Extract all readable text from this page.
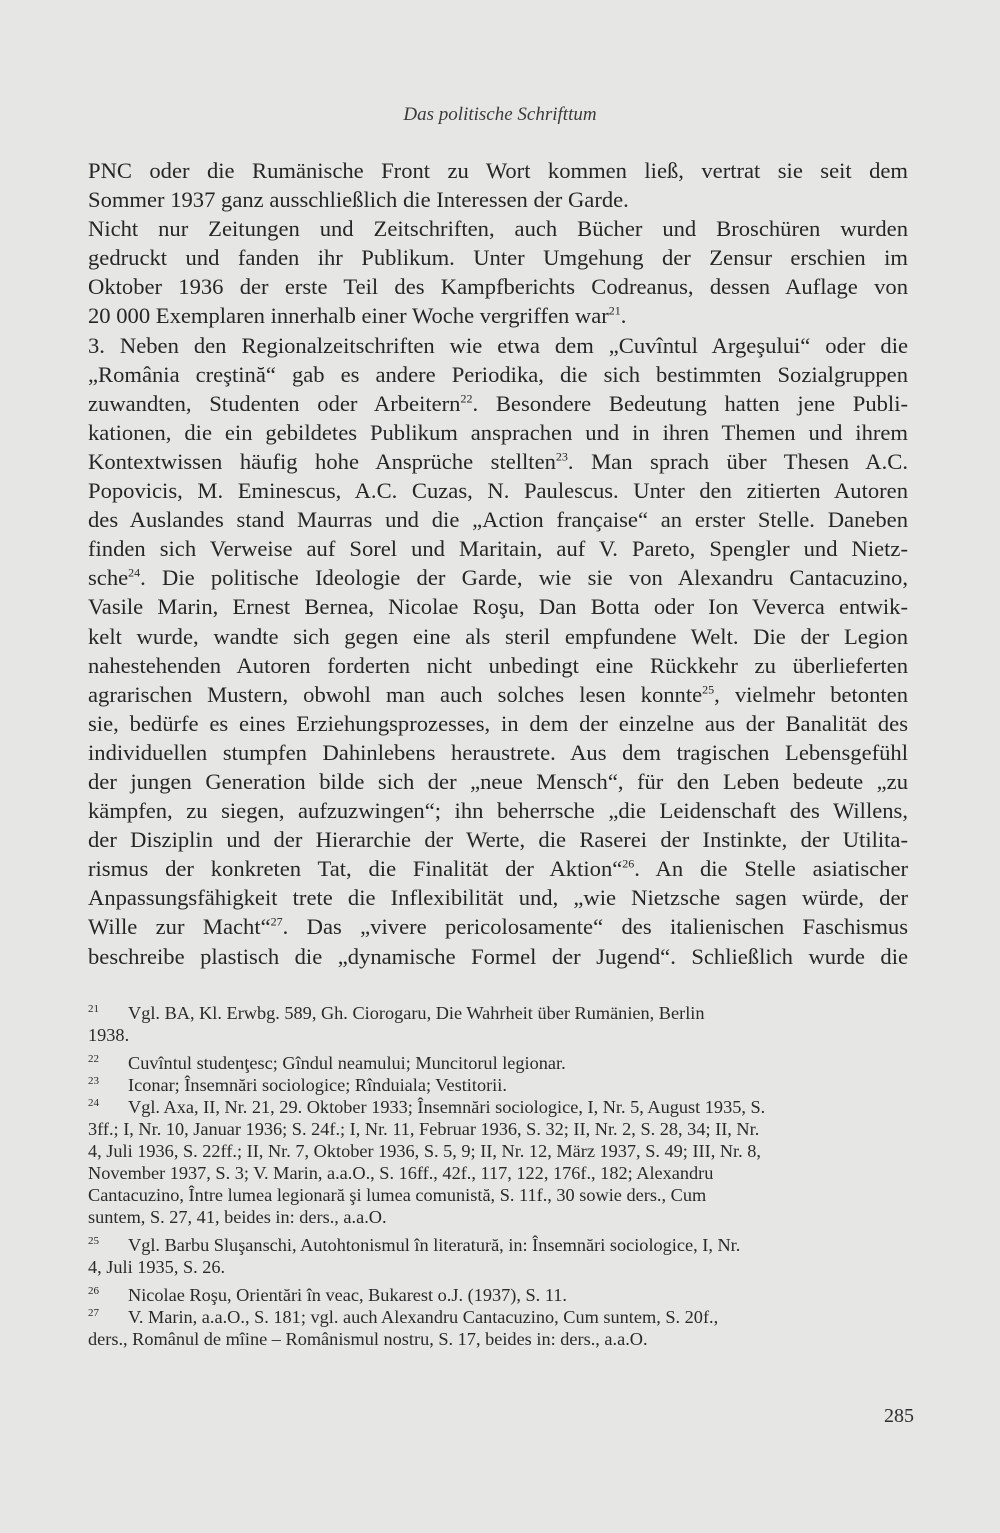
Das politische Schrifttum
PNC oder die Rumänische Front zu Wort kommen ließ, vertrat sie seit dem
Sommer 1937 ganz ausschließlich die Interessen der Garde.
Nicht nur Zeitungen und Zeitschriften, auch Bücher und Broschüren wurden
gedruckt und fanden ihr Publikum. Unter Umgehung der Zensur erschien im
Oktober 1936 der erste Teil des Kampfberichts Codreanus, dessen Auflage von
20 000 Exemplaren innerhalb einer Woche vergriffen war$^{21}$.
3. Neben den Regionalzeitschriften wie etwa dem „Cuvîntul Argeşului“ oder die
„România creştină“ gab es andere Periodika, die sich bestimmten Sozialgruppen
zuwandten, Studenten oder Arbeitern$^{22}$. Besondere Bedeutung hatten jene Publi-
kationen, die ein gebildetes Publikum ansprachen und in ihren Themen und ihrem
Kontextwissen häufig hohe Ansprüche stellten$^{23}$. Man sprach über Thesen A.C.
Popovicis, M. Eminescus, A.C. Cuzas, N. Paulescus. Unter den zitierten Autoren
des Auslandes stand Maurras und die „Action française“ an erster Stelle. Daneben
finden sich Verweise auf Sorel und Maritain, auf V. Pareto, Spengler und Nietz-
sche$^{24}$. Die politische Ideologie der Garde, wie sie von Alexandru Cantacuzino,
Vasile Marin, Ernest Bernea, Nicolae Roşu, Dan Botta oder Ion Veverca entwik-
kelt wurde, wandte sich gegen eine als steril empfundene Welt. Die der Legion
nahestehenden Autoren forderten nicht unbedingt eine Rückkehr zu überlieferten
agrarischen Mustern, obwohl man auch solches lesen konnte$^{25}$, vielmehr betonten
sie, bedürfe es eines Erziehungsprozesses, in dem der einzelne aus der Banalität des
individuellen stumpfen Dahinlebens heraustrete. Aus dem tragischen Lebensgefühl
der jungen Generation bilde sich der „neue Mensch“, für den Leben bedeute „zu
kämpfen, zu siegen, aufzuzwingen“; ihn beherrsche „die Leidenschaft des Willens,
der Disziplin und der Hierarchie der Werte, die Raserei der Instinkte, der Utilita-
rismus der konkreten Tat, die Finalität der Aktion“$^{26}$. An die Stelle asiatischer
Anpassungsfähigkeit trete die Inflexibilität und, „wie Nietzsche sagen würde, der
Wille zur Macht“$^{27}$. Das „vivere pericolosamente“ des italienischen Faschismus
beschreibe plastisch die „dynamische Formel der Jugend“. Schließlich wurde die
21 Vgl. BA, Kl. Erwbg. 589, Gh. Ciorogaru, Die Wahrheit über Rumänien, Berlin
1938.
22 Cuvîntul studenţesc; Gîndul neamului; Muncitorul legionar.
23 Iconar; Însemnări sociologice; Rînduiala; Vestitorii.
24 Vgl. Axa, II, Nr. 21, 29. Oktober 1933; Însemnări sociologice, I, Nr. 5, August 1935, S.
3ff.; I, Nr. 10, Januar 1936; S. 24f.; I, Nr. 11, Februar 1936, S. 32; II, Nr. 2, S. 28, 34; II, Nr.
4, Juli 1936, S. 22ff.; II, Nr. 7, Oktober 1936, S. 5, 9; II, Nr. 12, März 1937, S. 49; III, Nr. 8,
November 1937, S. 3; V. Marin, a.a.O., S. 16ff., 42f., 117, 122, 176f., 182; Alexandru
Cantacuzino, Între lumea legionară şi lumea comunistă, S. 11f., 30 sowie ders., Cum
suntem, S. 27, 41, beides in: ders., a.a.O.
25 Vgl. Barbu Sluşanschi, Autohtonismul în literatură, in: Însemnări sociologice, I, Nr.
4, Juli 1935, S. 26.
26 Nicolae Roşu, Orientări în veac, Bukarest o.J. (1937), S. 11.
27 V. Marin, a.a.O., S. 181; vgl. auch Alexandru Cantacuzino, Cum suntem, S. 20f.,
ders., Românul de mîine – Românismul nostru, S. 17, beides in: ders., a.a.O.
285
